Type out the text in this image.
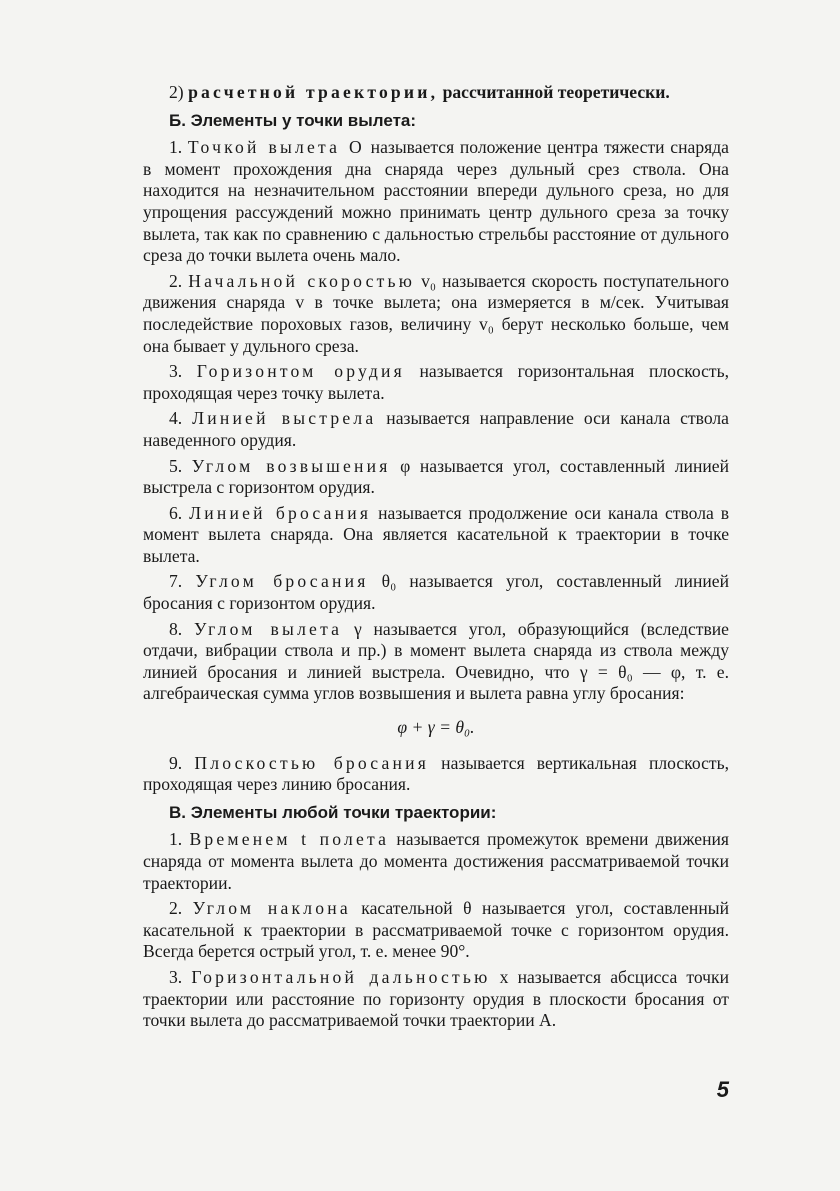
2) расчетной траектории, рассчитанной теоретически.

Б. Элементы у точки вылета:

1. Точкой вылета O называется положение центра тяжести снаряда в момент прохождения дна снаряда через дульный срез ствола. Она находится на незначительном расстоянии впереди дульного среза, но для упрощения рассуждений можно принимать центр дульного среза за точку вылета, так как по сравнению с дальностью стрельбы расстояние от дульного среза до точки вылета очень мало.

2. Начальной скоростью v₀ называется скорость поступательного движения снаряда v в точке вылета; она измеряется в м/сек. Учитывая последействие пороховых газов, величину v₀ берут несколько больше, чем она бывает у дульного среза.

3. Горизонтом орудия называется горизонтальная плоскость, проходящая через точку вылета.

4. Линией выстрела называется направление оси канала ствола наведенного орудия.

5. Углом возвышения φ называется угол, составленный линией выстрела с горизонтом орудия.

6. Линией бросания называется продолжение оси канала ствола в момент вылета снаряда. Она является касательной к траектории в точке вылета.

7. Углом бросания θ₀ называется угол, составленный линией бросания с горизонтом орудия.

8. Углом вылета γ называется угол, образующийся (вследствие отдачи, вибрации ствола и пр.) в момент вылета снаряда из ствола между линией бросания и линией выстрела. Очевидно, что γ = θ₀ — φ, т. е. алгебраическая сумма углов возвышения и вылета равна углу бросания:

φ + γ = θ₀.

9. Плоскостью бросания называется вертикальная плоскость, проходящая через линию бросания.

В. Элементы любой точки траектории:

1. Временем t полета называется промежуток времени движения снаряда от момента вылета до момента достижения рассматриваемой точки траектории.

2. Углом наклона касательной θ называется угол, составленный касательной к траектории в рассматриваемой точке с горизонтом орудия. Всегда берется острый угол, т. е. менее 90°.

3. Горизонтальной дальностью x называется абсцисса точки траектории или расстояние по горизонту орудия в плоскости бросания от точки вылета до рассматриваемой точки траектории A.

5
